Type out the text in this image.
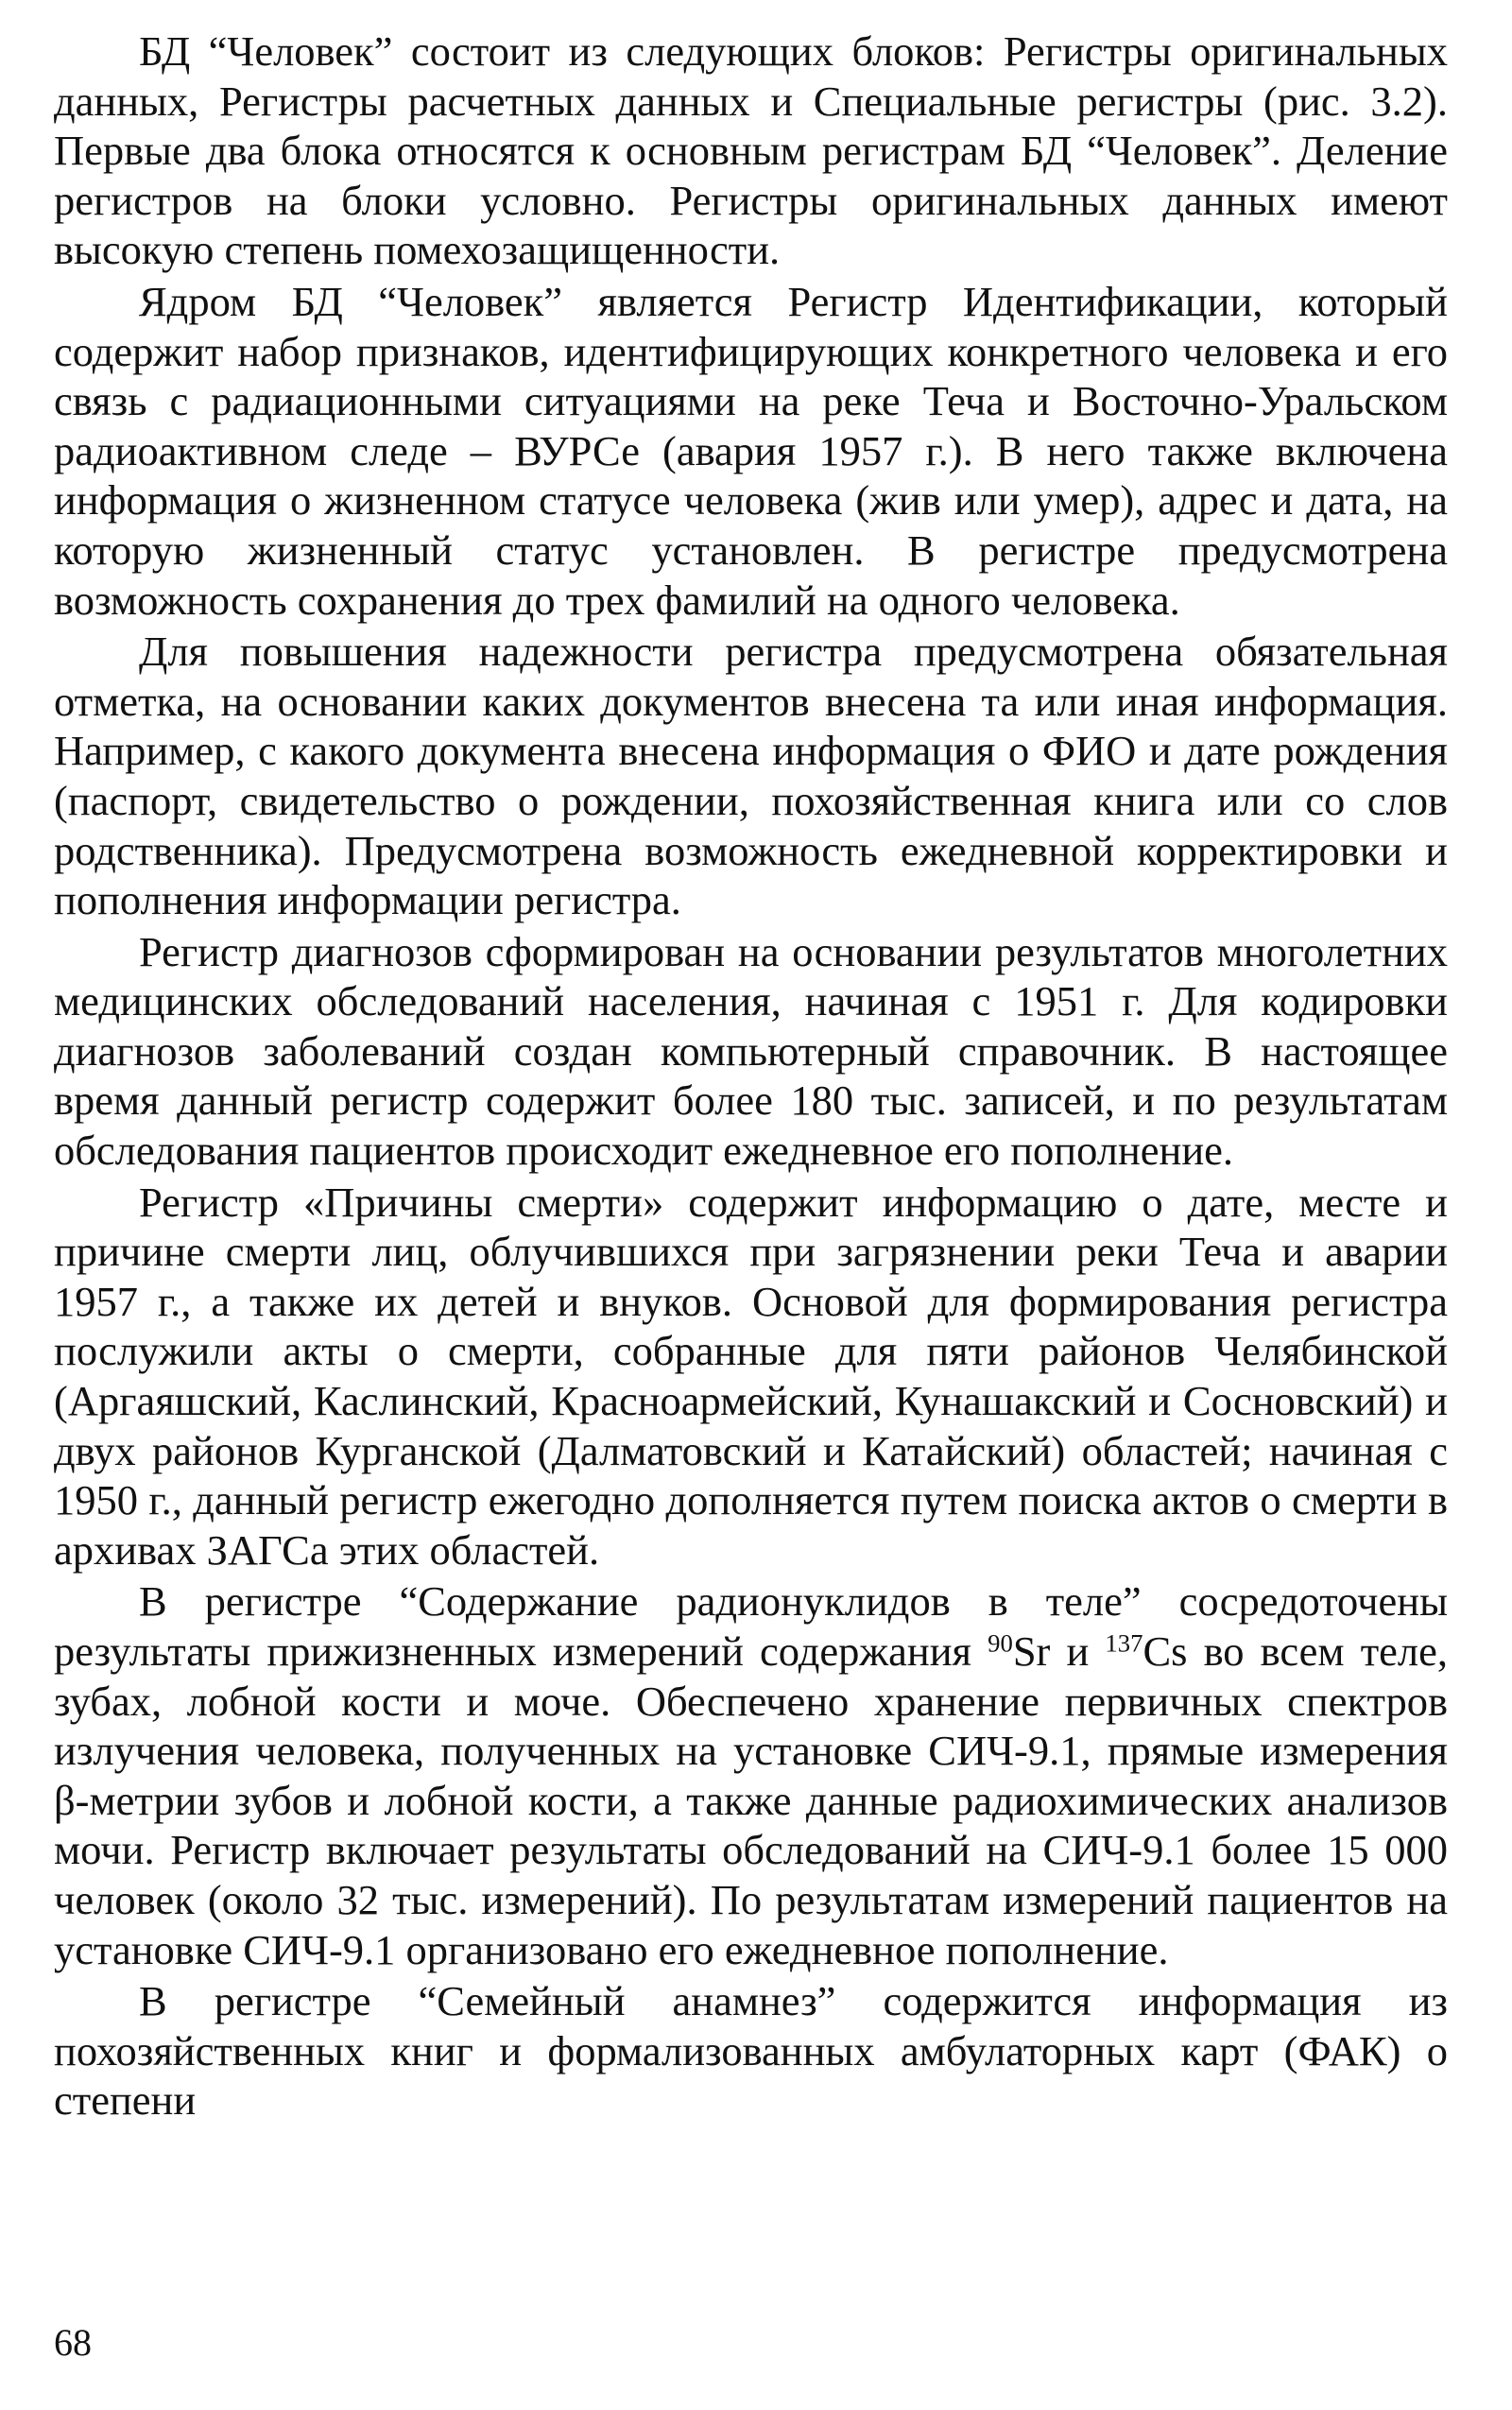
БД “Человек” состоит из следующих блоков: Регистры оригинальных данных, Регистры расчетных данных и Специальные регистры (рис. 3.2). Первые два блока относятся к основным регистрам БД “Человек”. Деление регистров на блоки условно. Регистры оригинальных данных имеют высокую степень помехозащищенности.

Ядром БД “Человек” является Регистр Идентификации, который содержит набор признаков, идентифицирующих конкретного человека и его связь с радиационными ситуациями на реке Теча и Восточно-Уральском радиоактивном следе – ВУРСе (авария 1957 г.). В него также включена информация о жизненном статусе человека (жив или умер), адрес и дата, на которую жизненный статус установлен. В регистре предусмотрена возможность сохранения до трех фамилий на одного человека.

Для повышения надежности регистра предусмотрена обязательная отметка, на основании каких документов внесена та или иная информация. Например, с какого документа внесена информация о ФИО и дате рождения (паспорт, свидетельство о рождении, похозяйственная книга или со слов родственника). Предусмотрена возможность ежедневной корректировки и пополнения информации регистра.

Регистр диагнозов сформирован на основании результатов многолетних медицинских обследований населения, начиная с 1951 г. Для кодировки диагнозов заболеваний создан компьютерный справочник. В настоящее время данный регистр содержит более 180 тыс. записей, и по результатам обследования пациентов происходит ежедневное его пополнение.

Регистр «Причины смерти» содержит информацию о дате, месте и причине смерти лиц, облучившихся при загрязнении реки Теча и аварии 1957 г., а также их детей и внуков. Основой для формирования регистра послужили акты о смерти, собранные для пяти районов Челябинской (Аргаяшский, Каслинский, Красноармейский, Кунашакский и Сосновский) и двух районов Курганской (Далматовский и Катайский) областей; начиная с 1950 г., данный регистр ежегодно дополняется путем поиска актов о смерти в архивах ЗАГСа этих областей.

В регистре “Содержание радионуклидов в теле” сосредоточены результаты прижизненных измерений содержания $^{90}$Sr и $^{137}$Cs во всем теле, зубах, лобной кости и моче. Обеспечено хранение первичных спектров излучения человека, полученных на установке СИЧ-9.1, прямые измерения β-метрии зубов и лобной кости, а также данные радиохимических анализов мочи. Регистр включает результаты обследований на СИЧ-9.1 более 15 000 человек (около 32 тыс. измерений). По результатам измерений пациентов на установке СИЧ-9.1 организовано его ежедневное пополнение.

В регистре “Семейный анамнез” содержится информация из похозяйственных книг и формализованных амбулаторных карт (ФАК) о степени

68
